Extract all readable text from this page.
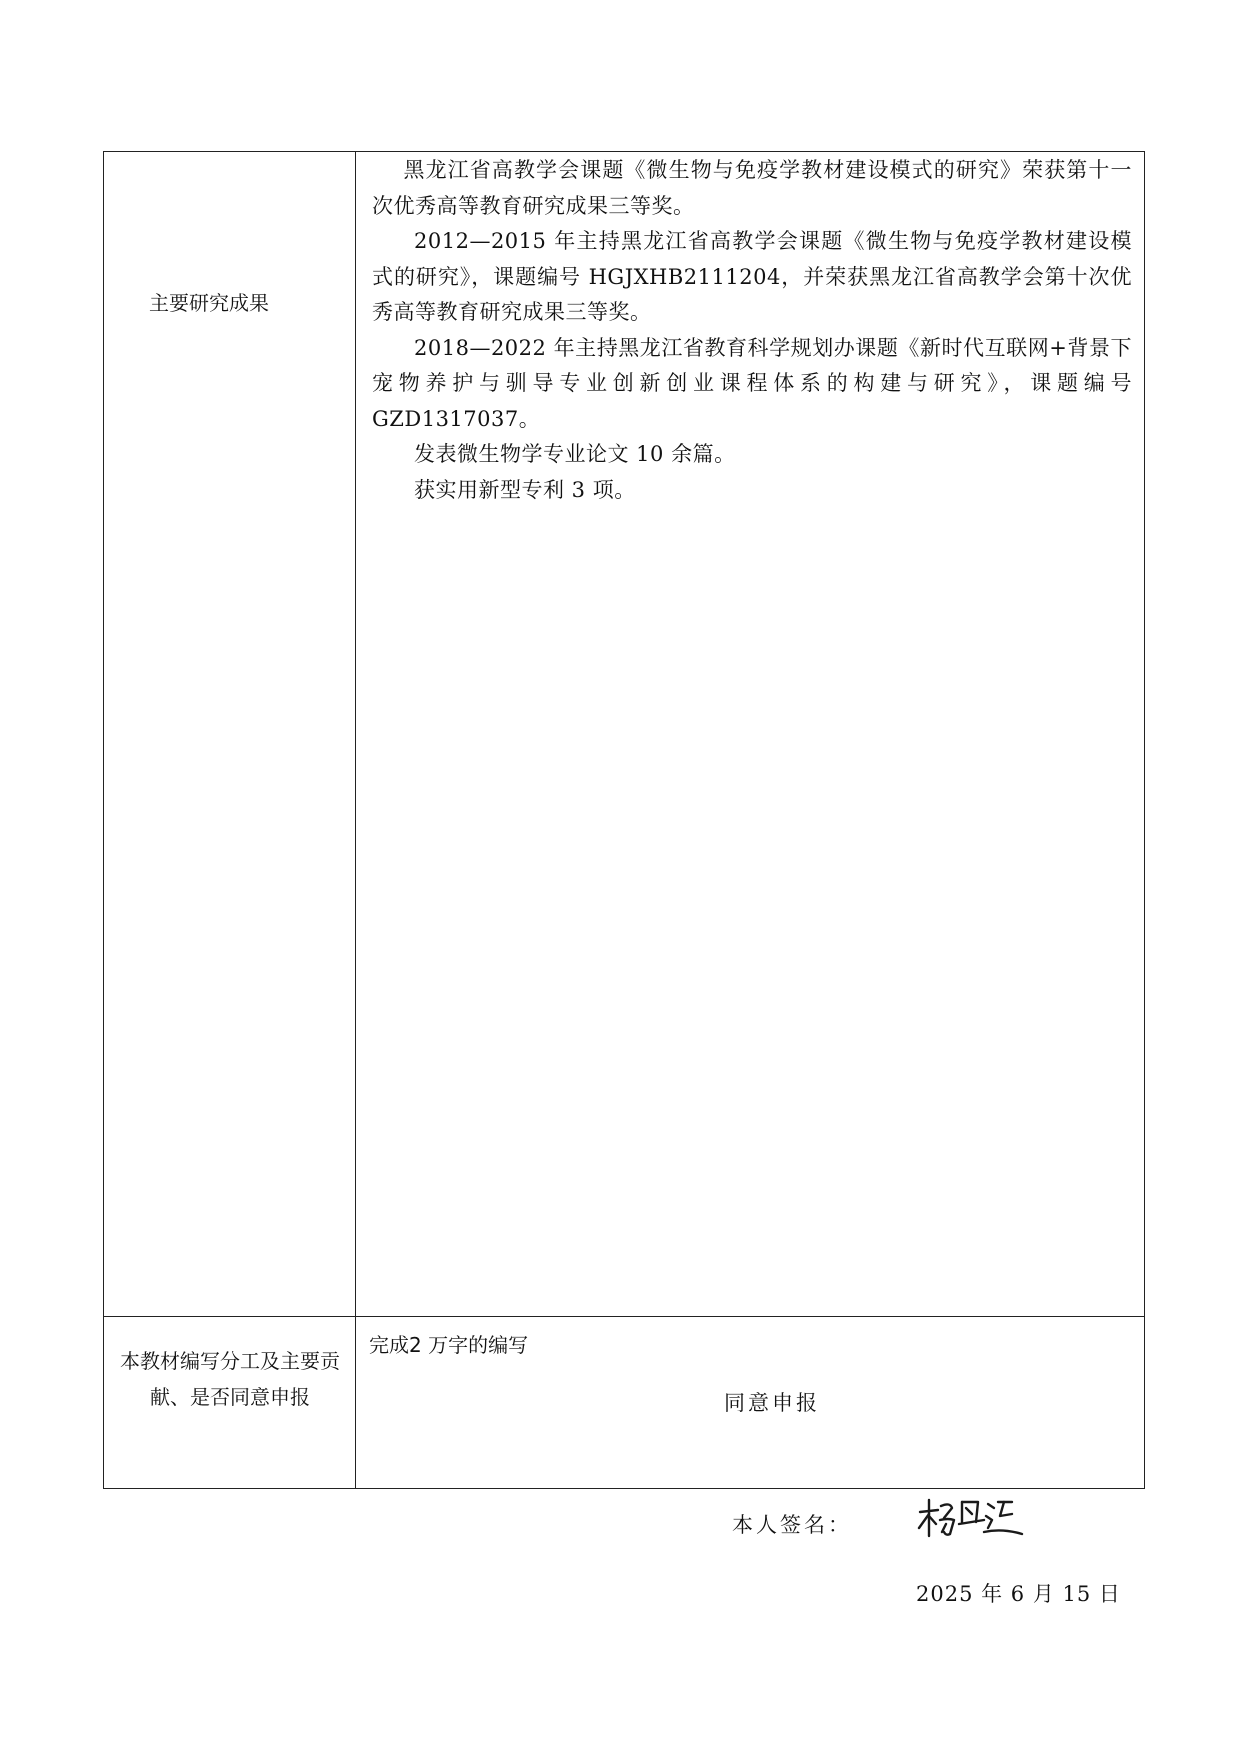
主要研究成果

黑龙江省高教学会课题《微生物与免疫学教材建设模式的研究》荣获第十一次优秀高等教育研究成果三等奖。

2012—2015 年主持黑龙江省高教学会课题《微生物与免疫学教材建设模式的研究》，课题编号 HGJXHB2111204，并荣获黑龙江省高教学会第十次优秀高等教育研究成果三等奖。

2018—2022 年主持黑龙江省教育科学规划办课题《新时代互联网+背景下宠物养护与驯导专业创新创业课程体系的构建与研究》，课题编号 GZD1317037。

发表微生物学专业论文 10 余篇。

获实用新型专利 3 项。

本教材编写分工及主要贡献、是否同意申报
完成2 万字的编写
同意申报
本人签名：
2025 年 6 月 15 日
